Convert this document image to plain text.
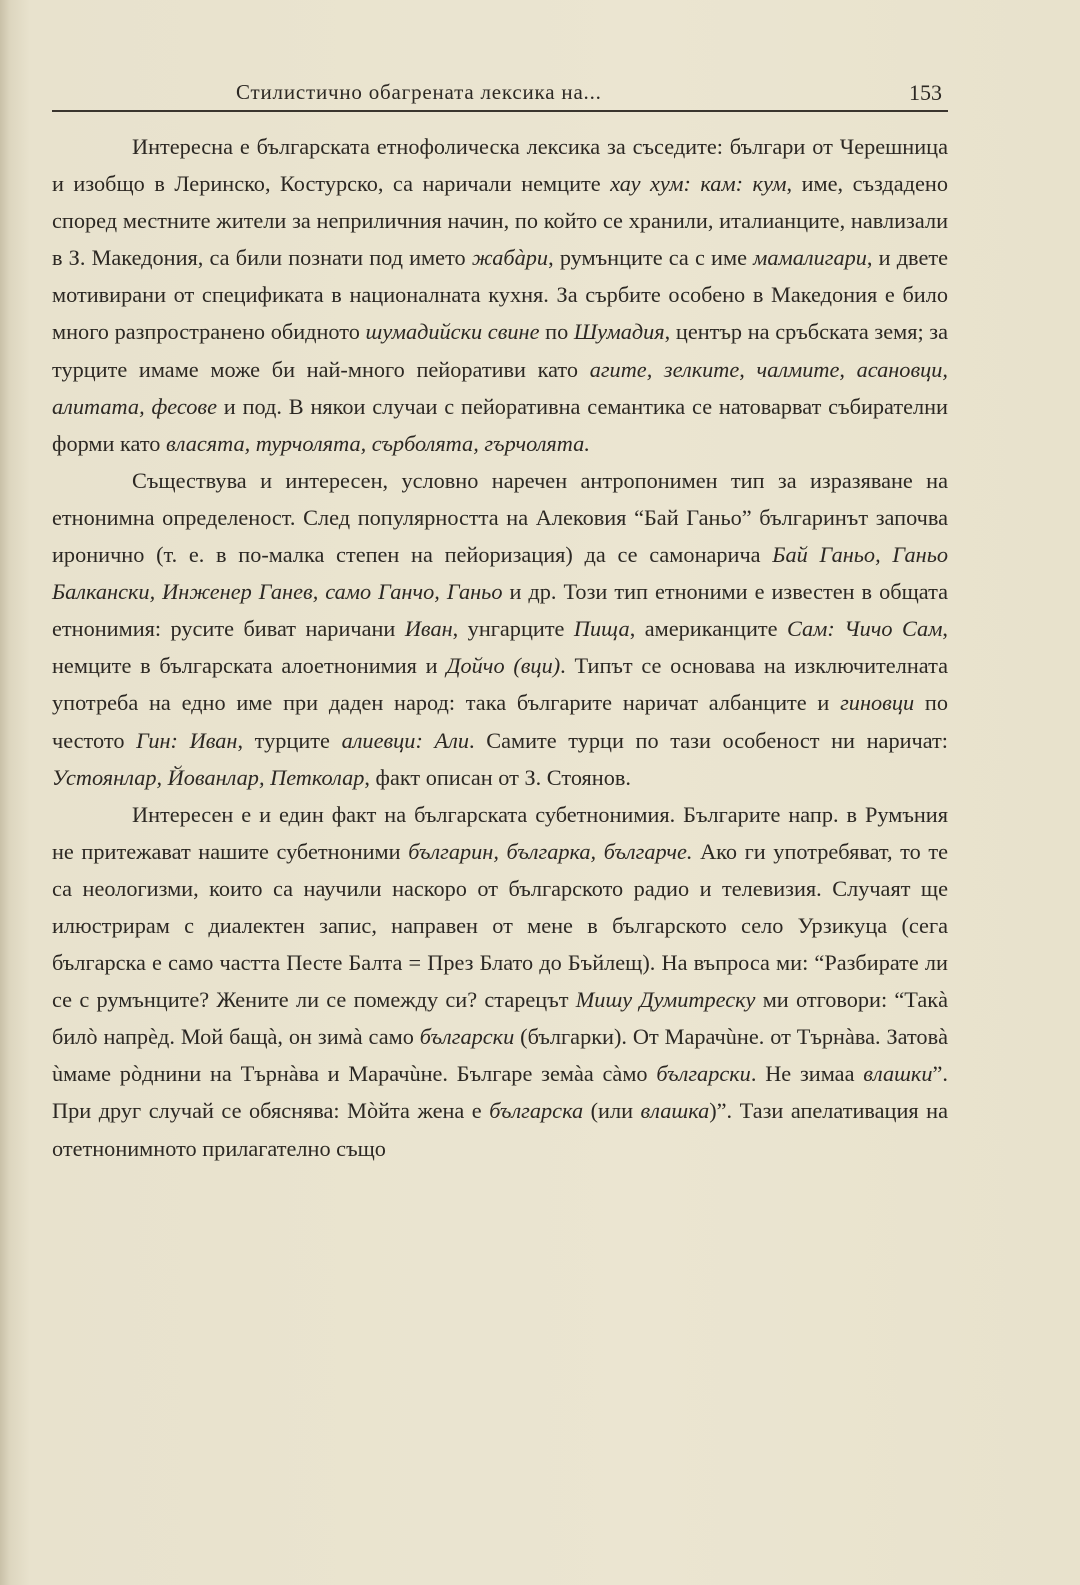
Стилистично обагрената лексика на...	153

Интересна е българската етнофолическа лексика за съседите: българи от Черешница и изобщо в Леринско, Костурско, са наричали немците хау хум: кам: кум, име, създадено според местните жители за неприличния начин, по който се хранили, италианците, навлизали в З. Македония, са били познати под името жабàри, румънците са с име мамалигари, и двете мотивирани от спецификата в националната кухня. За сърбите особено в Македония е било много разпространено обидното шумадийски свине по Шумадия, център на сръбската земя; за турците имаме може би най-много пейоративи като агите, зелките, чалмите, асановци, алитата, фесове и под. В някои случаи с пейоративна семантика се натоварват събирателни форми като власята, турчолята, сърболята, гърчолята.

Съществува и интересен, условно наречен антропонимен тип за изразяване на етнонимна определеност. След популярността на Алековия “Бай Ганьо” българинът започва иронично (т. е. в по-малка степен на пейоризация) да се самонарича Бай Ганьо, Ганьо Балкански, Инженер Ганев, само Ганчо, Ганьо и др. Този тип етноними е известен в общата етнонимия: руситe биват наричани Иван, унгарците Пища, американците Сам: Чичо Сам, немците в българската алоетнонимия и Дойчо (вци). Типът се основава на изключителната употреба на едно име при даден народ: така българите наричат албанците и гиновци по честото Гин: Иван, турците алиевци: Али. Самите турци по тази особеност ни наричат: Устоянлар, Йованлар, Петколар, факт описан от З. Стоянов.

Интересен е и един факт на българската субетнонимия. Българите напр. в Румъния не притежават нашите субетноними българин, българка, българче. Ако ги употребяват, то те са неологизми, които са научили наскоро от българското радио и телевизия. Случаят ще илюстрирам с диалектен запис, направен от мене в българското село Урзикуца (сега българска е само частта Песте Балта = През Блато до Бъйлещ). На въпроса ми: “Разбирате ли се с румънците? Жените ли се помежду си? старецът Мишу Думитреску ми отговори: “Такà билò напрèд. Мой бащà, он зимà само български (българки). От Марачùне. от Търнàва. Затовà ùмаме рòднини на Търнàва и Марачùне. Българе земàа сàмо български. Не зимаа влашки”. При друг случай се обяснява: Мòйта жена е българска (или влашка)”. Тази апелативация на отетнонимното прилагателно също
